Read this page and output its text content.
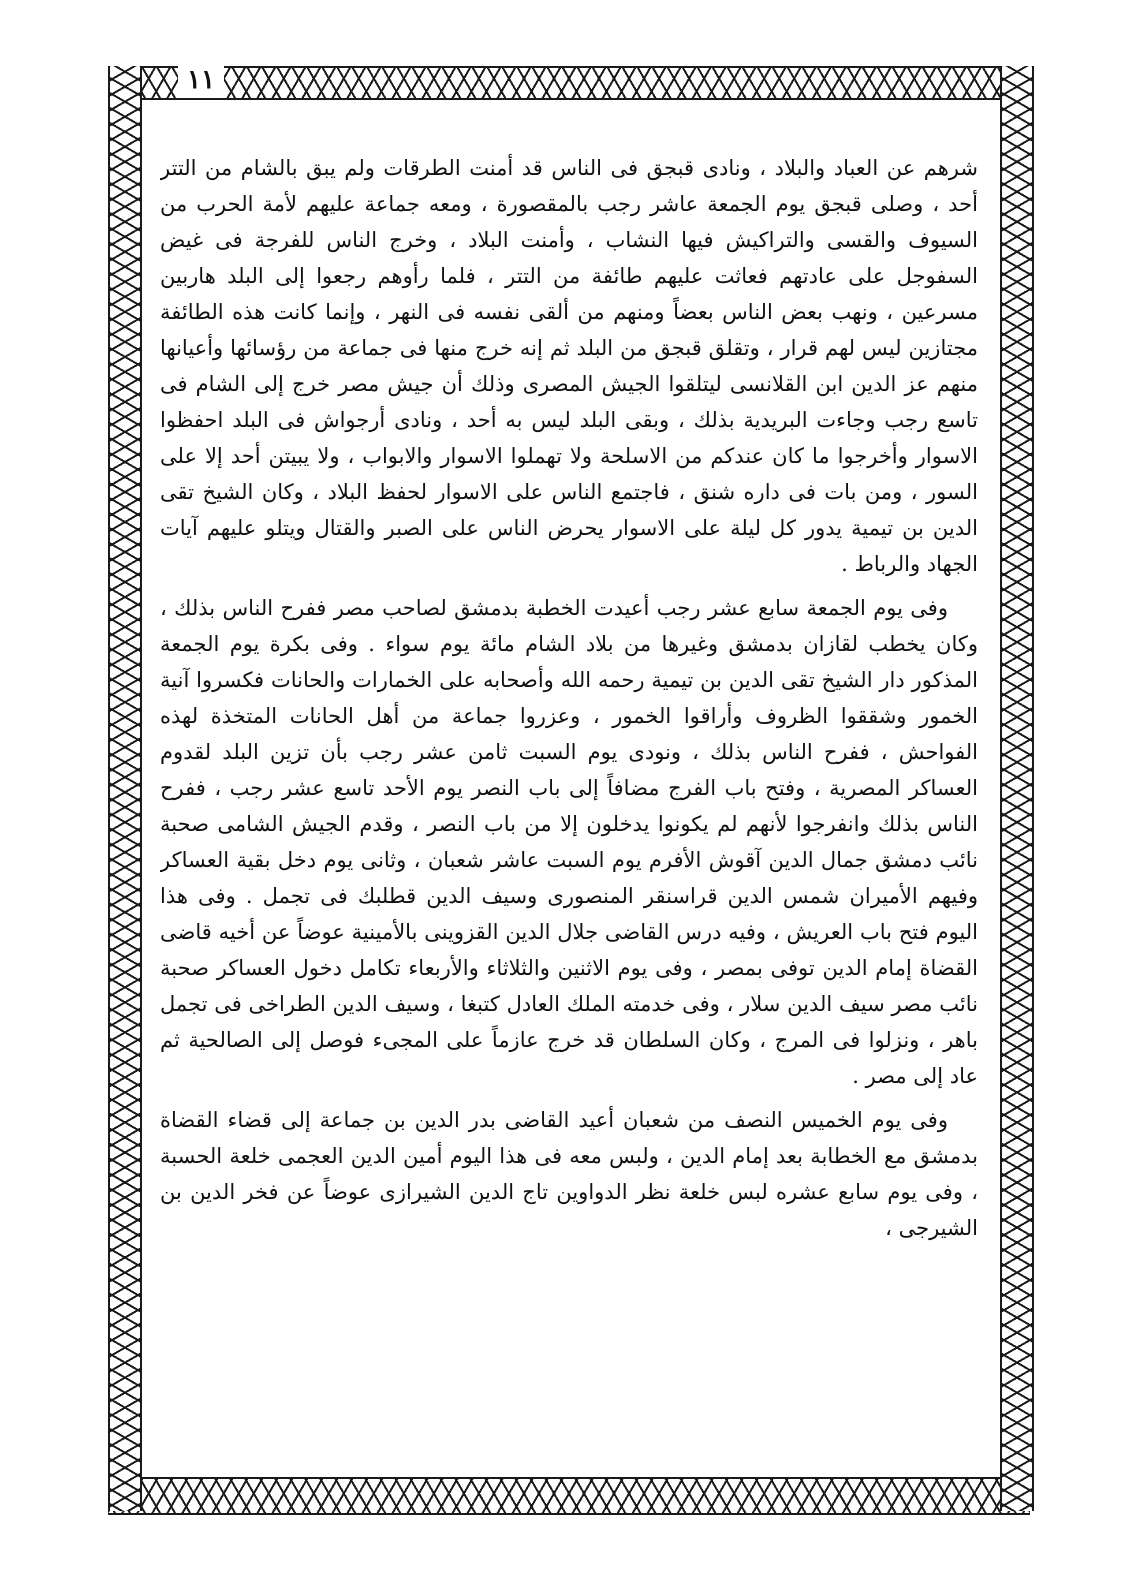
١١

شرهم عن العباد والبلاد ، ونادى قبجق فى الناس قد أمنت الطرقات ولم يبق بالشام من التتر أحد ، وصلى قبجق يوم الجمعة عاشر رجب بالمقصورة ، ومعه جماعة عليهم لأمة الحرب من السيوف والقسى والتراكيش فيها النشاب ، وأمنت البلاد ، وخرج الناس للفرجة فى غيض السفوجل على عادتهم فعاثت عليهم طائفة من التتر ، فلما رأوهم رجعوا إلى البلد هاربين مسرعين ، ونهب بعض الناس بعضاً ومنهم من ألقى نفسه فى النهر ، وإنما كانت هذه الطائفة مجتازين ليس لهم قرار ، وتقلق قبجق من البلد ثم إنه خرج منها فى جماعة من رؤسائها وأعيانها منهم عز الدين ابن القلانسى ليتلقوا الجيش المصرى وذلك أن جيش مصر خرج إلى الشام فى تاسع رجب وجاءت البريدية بذلك ، وبقى البلد ليس به أحد ، ونادى أرجواش فى البلد احفظوا الاسوار وأخرجوا ما كان عندكم من الاسلحة ولا تهملوا الاسوار والابواب ، ولا يبيتن أحد إلا على السور ، ومن بات فى داره شنق ، فاجتمع الناس على الاسوار لحفظ البلاد ، وكان الشيخ تقى الدين بن تيمية يدور كل ليلة على الاسوار يحرض الناس على الصبر والقتال ويتلو عليهم آيات الجهاد والرباط .

وفى يوم الجمعة سابع عشر رجب أعيدت الخطبة بدمشق لصاحب مصر ففرح الناس بذلك ، وكان يخطب لقازان بدمشق وغيرها من بلاد الشام مائة يوم سواء . وفى بكرة يوم الجمعة المذكور دار الشيخ تقى الدين بن تيمية رحمه الله وأصحابه على الخمارات والحانات فكسروا آنية الخمور وشققوا الظروف وأراقوا الخمور ، وعزروا جماعة من أهل الحانات المتخذة لهذه الفواحش ، ففرح الناس بذلك ، ونودى يوم السبت ثامن عشر رجب بأن تزين البلد لقدوم العساكر المصرية ، وفتح باب الفرج مضافاً إلى باب النصر يوم الأحد تاسع عشر رجب ، ففرح الناس بذلك وانفرجوا لأنهم لم يكونوا يدخلون إلا من باب النصر ، وقدم الجيش الشامى صحبة نائب دمشق جمال الدين آقوش الأفرم يوم السبت عاشر شعبان ، وثانى يوم دخل بقية العساكر وفيهم الأميران شمس الدين قراسنقر المنصورى وسيف الدين قطلبك فى تجمل . وفى هذا اليوم فتح باب العريش ، وفيه درس القاضى جلال الدين القزوينى بالأمينية عوضاً عن أخيه قاضى القضاة إمام الدين توفى بمصر ، وفى يوم الاثنين والثلاثاء والأربعاء تكامل دخول العساكر صحبة نائب مصر سيف الدين سلار ، وفى خدمته الملك العادل كتبغا ، وسيف الدين الطراخى فى تجمل باهر ، ونزلوا فى المرج ، وكان السلطان قد خرج عازماً على المجىء فوصل إلى الصالحية ثم عاد إلى مصر .

وفى يوم الخميس النصف من شعبان أعيد القاضى بدر الدين بن جماعة إلى قضاء القضاة بدمشق مع الخطابة بعد إمام الدين ، ولبس معه فى هذا اليوم أمين الدين العجمى خلعة الحسبة ، وفى يوم سابع عشره لبس خلعة نظر الدواوين تاج الدين الشيرازى عوضاً عن فخر الدين بن الشيرجى ،
